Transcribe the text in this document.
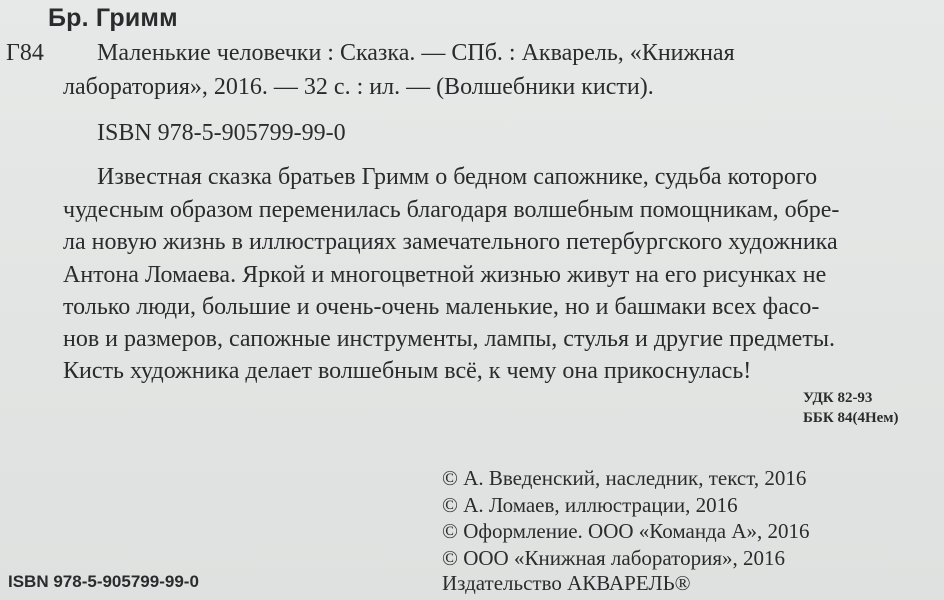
Бр. Гримм
Г84 Маленькие человечки : Сказка. — СПб. : Акварель, «Книжная
лаборатория», 2016. — 32 с. : ил. — (Волшебники кисти).
ISBN 978-5-905799-99-0
Известная сказка братьев Гримм о бедном сапожнике, судьба которого
чудесным образом переменилась благодаря волшебным помощникам, обре-
ла новую жизнь в иллюстрациях замечательного петербургского художника
Антона Ломаева. Яркой и многоцветной жизнью живут на его рисунках не
только люди, большие и очень-очень маленькие, но и башмаки всех фасо-
нов и размеров, сапожные инструменты, лампы, стулья и другие предметы.
Кисть художника делает волшебным всё, к чему она прикоснулась!
УДК 82-93
ББК 84(4Нем)
© А. Введенский, наследник, текст, 2016
© А. Ломаев, иллюстрации, 2016
© Оформление. ООО «Команда А», 2016
© ООО «Книжная лаборатория», 2016
Издательство АКВАРЕЛЬ®
ISBN 978-5-905799-99-0
